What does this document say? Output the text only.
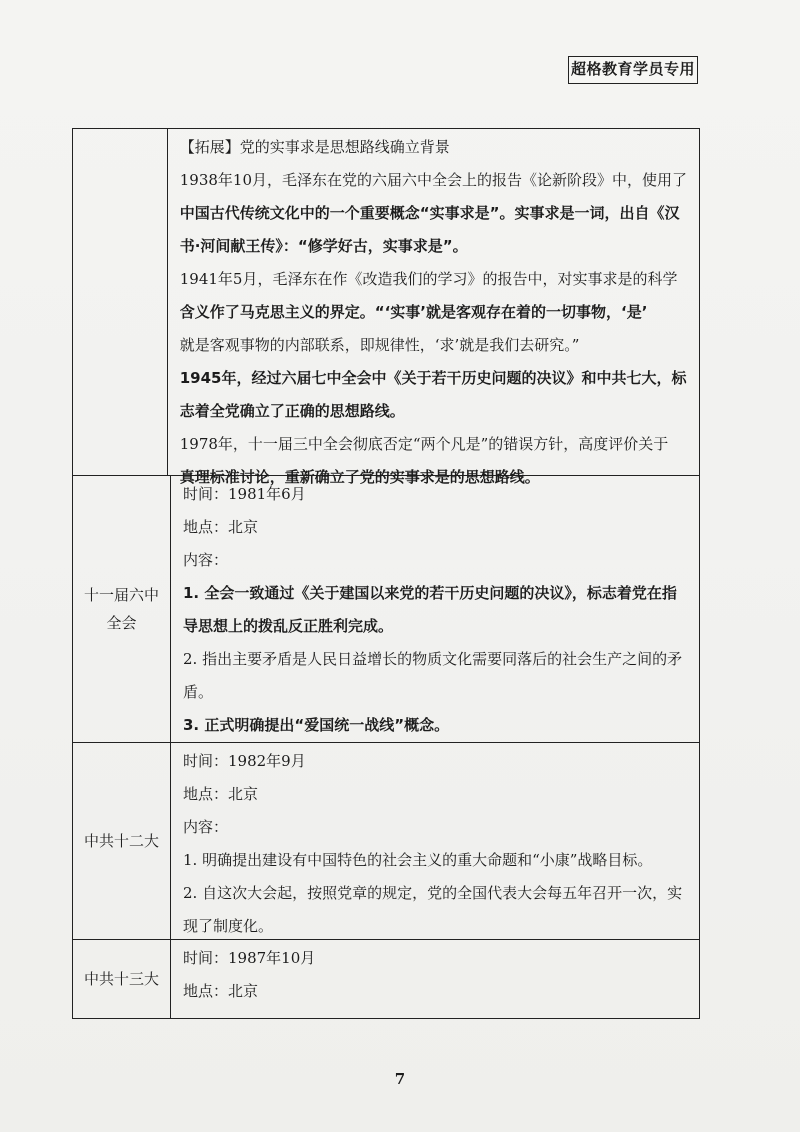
超格教育学员专用
【拓展】党的实事求是思想路线确立背景
1938年10月，毛泽东在党的六届六中全会上的报告《论新阶段》中，使用了
中国古代传统文化中的一个重要概念“实事求是”。实事求是一词，出自《汉
书·河间献王传》：“修学好古，实事求是”。
1941年5月，毛泽东在作《改造我们的学习》的报告中，对实事求是的科学
含义作了马克思主义的界定。“‘实事’就是客观存在着的一切事物，‘是’
就是客观事物的内部联系，即规律性，‘求’就是我们去研究。”
1945年，经过六届七中全会中《关于若干历史问题的决议》和中共七大，标
志着全党确立了正确的思想路线。
1978年，十一届三中全会彻底否定“两个凡是”的错误方针，高度评价关于
真理标准讨论，重新确立了党的实事求是的思想路线。
十一届六中
全会
时间：1981年6月
地点：北京
内容：
1. 全会一致通过《关于建国以来党的若干历史问题的决议》，标志着党在指
导思想上的拨乱反正胜利完成。
2. 指出主要矛盾是人民日益增长的物质文化需要同落后的社会生产之间的矛
盾。
3. 正式明确提出“爱国统一战线”概念。
中共十二大
时间：1982年9月
地点：北京
内容：
1. 明确提出建设有中国特色的社会主义的重大命题和“小康”战略目标。
2. 自这次大会起，按照党章的规定，党的全国代表大会每五年召开一次，实
现了制度化。
中共十三大
时间：1987年10月
地点：北京
7
